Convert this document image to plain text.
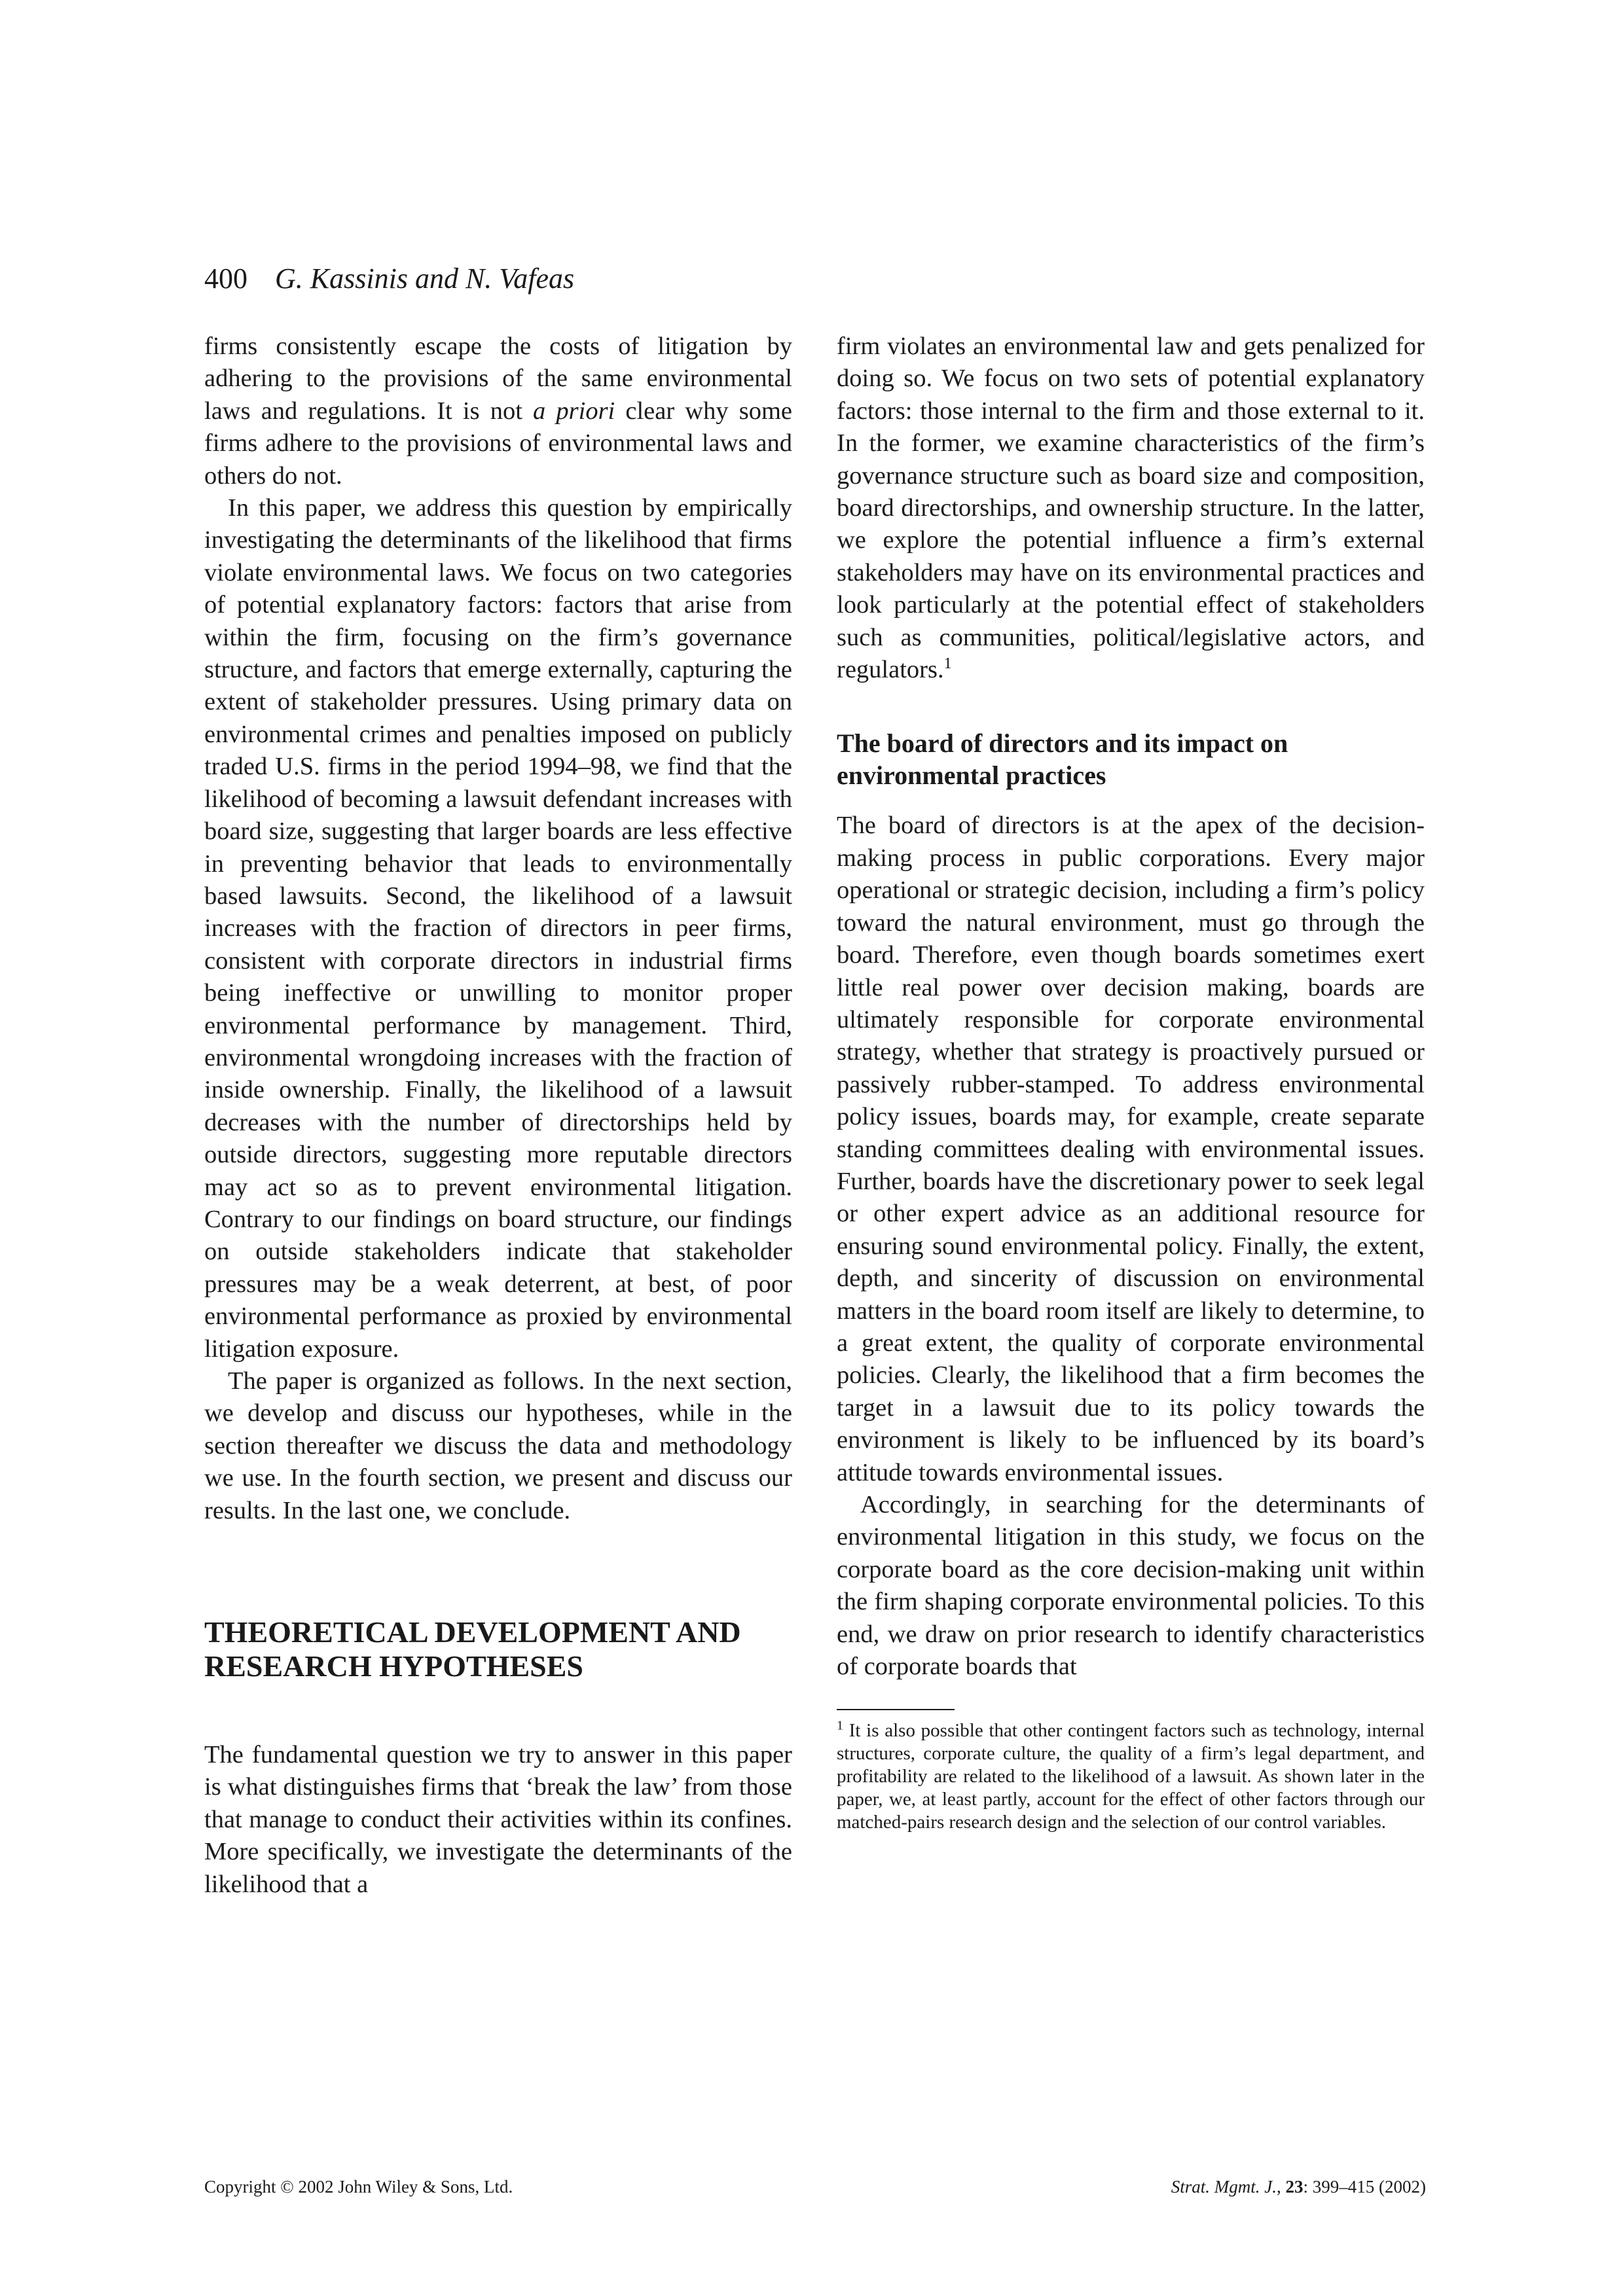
400 G. Kassinis and N. Vafeas

firms consistently escape the costs of litigation by adhering to the provisions of the same environmental laws and regulations. It is not a priori clear why some firms adhere to the provisions of environmental laws and others do not.

In this paper, we address this question by empirically investigating the determinants of the likelihood that firms violate environmental laws. We focus on two categories of potential explanatory factors: factors that arise from within the firm, focusing on the firm’s governance structure, and factors that emerge externally, capturing the extent of stakeholder pressures. Using primary data on environmental crimes and penalties imposed on publicly traded U.S. firms in the period 1994–98, we find that the likelihood of becoming a lawsuit defendant increases with board size, suggesting that larger boards are less effective in preventing behavior that leads to environmentally based lawsuits. Second, the likelihood of a lawsuit increases with the fraction of directors in peer firms, consistent with corporate directors in industrial firms being ineffective or unwilling to monitor proper environmental performance by management. Third, environmental wrongdoing increases with the fraction of inside ownership. Finally, the likelihood of a lawsuit decreases with the number of directorships held by outside directors, suggesting more reputable directors may act so as to prevent environmental litigation. Contrary to our findings on board structure, our findings on outside stakeholders indicate that stakeholder pressures may be a weak deterrent, at best, of poor environmental performance as proxied by environmental litigation exposure.

The paper is organized as follows. In the next section, we develop and discuss our hypotheses, while in the section thereafter we discuss the data and methodology we use. In the fourth section, we present and discuss our results. In the last one, we conclude.

THEORETICAL DEVELOPMENT AND
RESEARCH HYPOTHESES

The fundamental question we try to answer in this paper is what distinguishes firms that ‘break the law’ from those that manage to conduct their activities within its confines. More specifically, we investigate the determinants of the likelihood that a

firm violates an environmental law and gets penalized for doing so. We focus on two sets of potential explanatory factors: those internal to the firm and those external to it. In the former, we examine characteristics of the firm’s governance structure such as board size and composition, board directorships, and ownership structure. In the latter, we explore the potential influence a firm’s external stakeholders may have on its environmental practices and look particularly at the potential effect of stakeholders such as communities, political/legislative actors, and regulators.$^1$

The board of directors and its impact on
environmental practices

The board of directors is at the apex of the decision-making process in public corporations. Every major operational or strategic decision, including a firm’s policy toward the natural environment, must go through the board. Therefore, even though boards sometimes exert little real power over decision making, boards are ultimately responsible for corporate environmental strategy, whether that strategy is proactively pursued or passively rubber-stamped. To address environmental policy issues, boards may, for example, create separate standing committees dealing with environmental issues. Further, boards have the discretionary power to seek legal or other expert advice as an additional resource for ensuring sound environmental policy. Finally, the extent, depth, and sincerity of discussion on environmental matters in the board room itself are likely to determine, to a great extent, the quality of corporate environmental policies. Clearly, the likelihood that a firm becomes the target in a lawsuit due to its policy towards the environment is likely to be influenced by its board’s attitude towards environmental issues.

Accordingly, in searching for the determinants of environmental litigation in this study, we focus on the corporate board as the core decision-making unit within the firm shaping corporate environmental policies. To this end, we draw on prior research to identify characteristics of corporate boards that

$^1$ It is also possible that other contingent factors such as technology, internal structures, corporate culture, the quality of a firm’s legal department, and profitability are related to the likelihood of a lawsuit. As shown later in the paper, we, at least partly, account for the effect of other factors through our matched-pairs research design and the selection of our control variables.
Copyright © 2002 John Wiley & Sons, Ltd.	Strat. Mgmt. J., 23: 399–415 (2002)
